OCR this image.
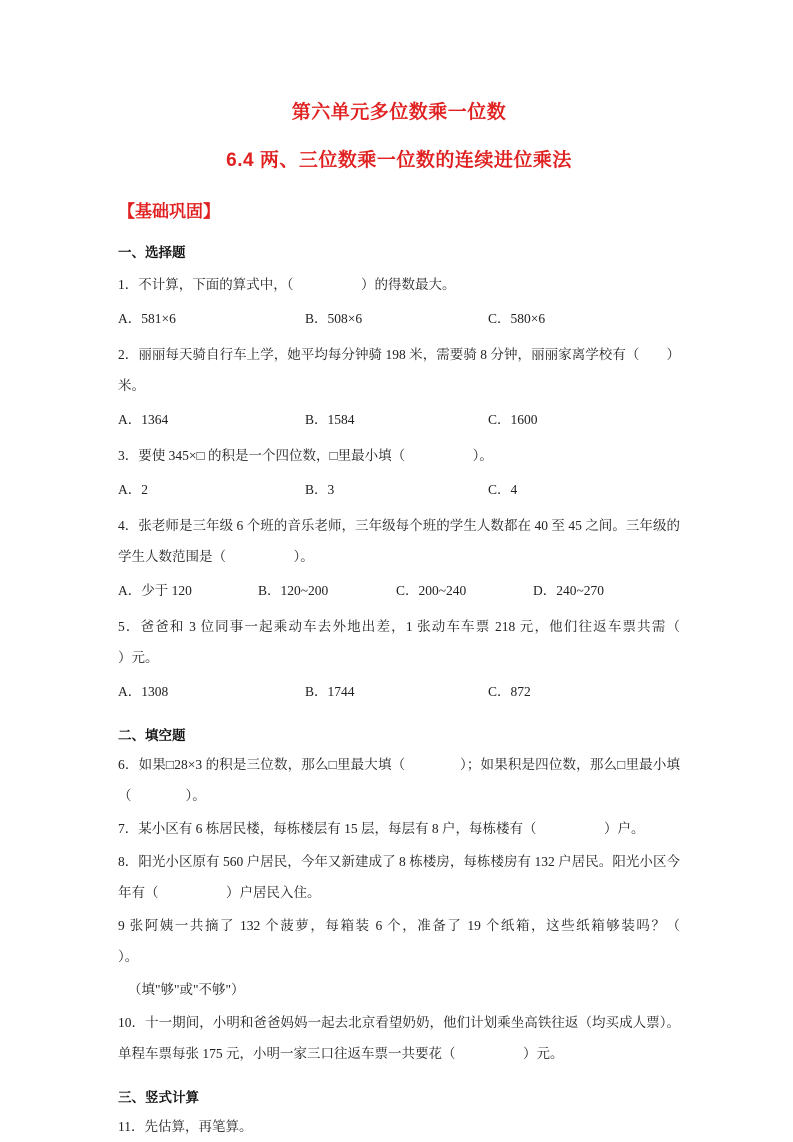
第六单元多位数乘一位数
6.4 两、三位数乘一位数的连续进位乘法
【基础巩固】
一、选择题

1．不计算，下面的算式中，（　　　　　）的得数最大。

A．581×6	B．508×6	C．580×6

2．丽丽每天骑自行车上学，她平均每分钟骑 198 米，需要骑 8 分钟，丽丽家离学校有（　　）米。

A．1364	B．1584	C．1600

3．要使 345×□ 的积是一个四位数，□里最小填（　　　　　）。

A．2	B．3	C．4

4．张老师是三年级 6 个班的音乐老师，三年级每个班的学生人数都在 40 至 45 之间。三年级的学生人数范围是（　　　　　）。

A．少于 120	B．120~200	C．200~240	D．240~270

5．爸爸和 3 位同事一起乘动车去外地出差，1 张动车车票 218 元，他们往返车票共需（　　　　　）元。

A．1308	B．1744	C．872
二、填空题

6．如果□28×3 的积是三位数，那么□里最大填（　　　　）；如果积是四位数，那么□里最小填（　　　　）。

7．某小区有 6 栋居民楼，每栋楼层有 15 层，每层有 8 户，每栋楼有（　　　　　）户。

8．阳光小区原有 560 户居民，今年又新建成了 8 栋楼房，每栋楼房有 132 户居民。阳光小区今年有（　　　　　）户居民入住。

9 张阿姨一共摘了 132 个菠萝，每箱装 6 个，准备了 19 个纸箱，这些纸箱够装吗？（　　　　　）。

（填"够"或"不够"）

10．十一期间，小明和爸爸妈妈一起去北京看望奶奶，他们计划乘坐高铁往返（均买成人票）。单程车票每张 175 元，小明一家三口往返车票一共要花（　　　　　）元。

三、竖式计算

11．先估算，再笔算。
